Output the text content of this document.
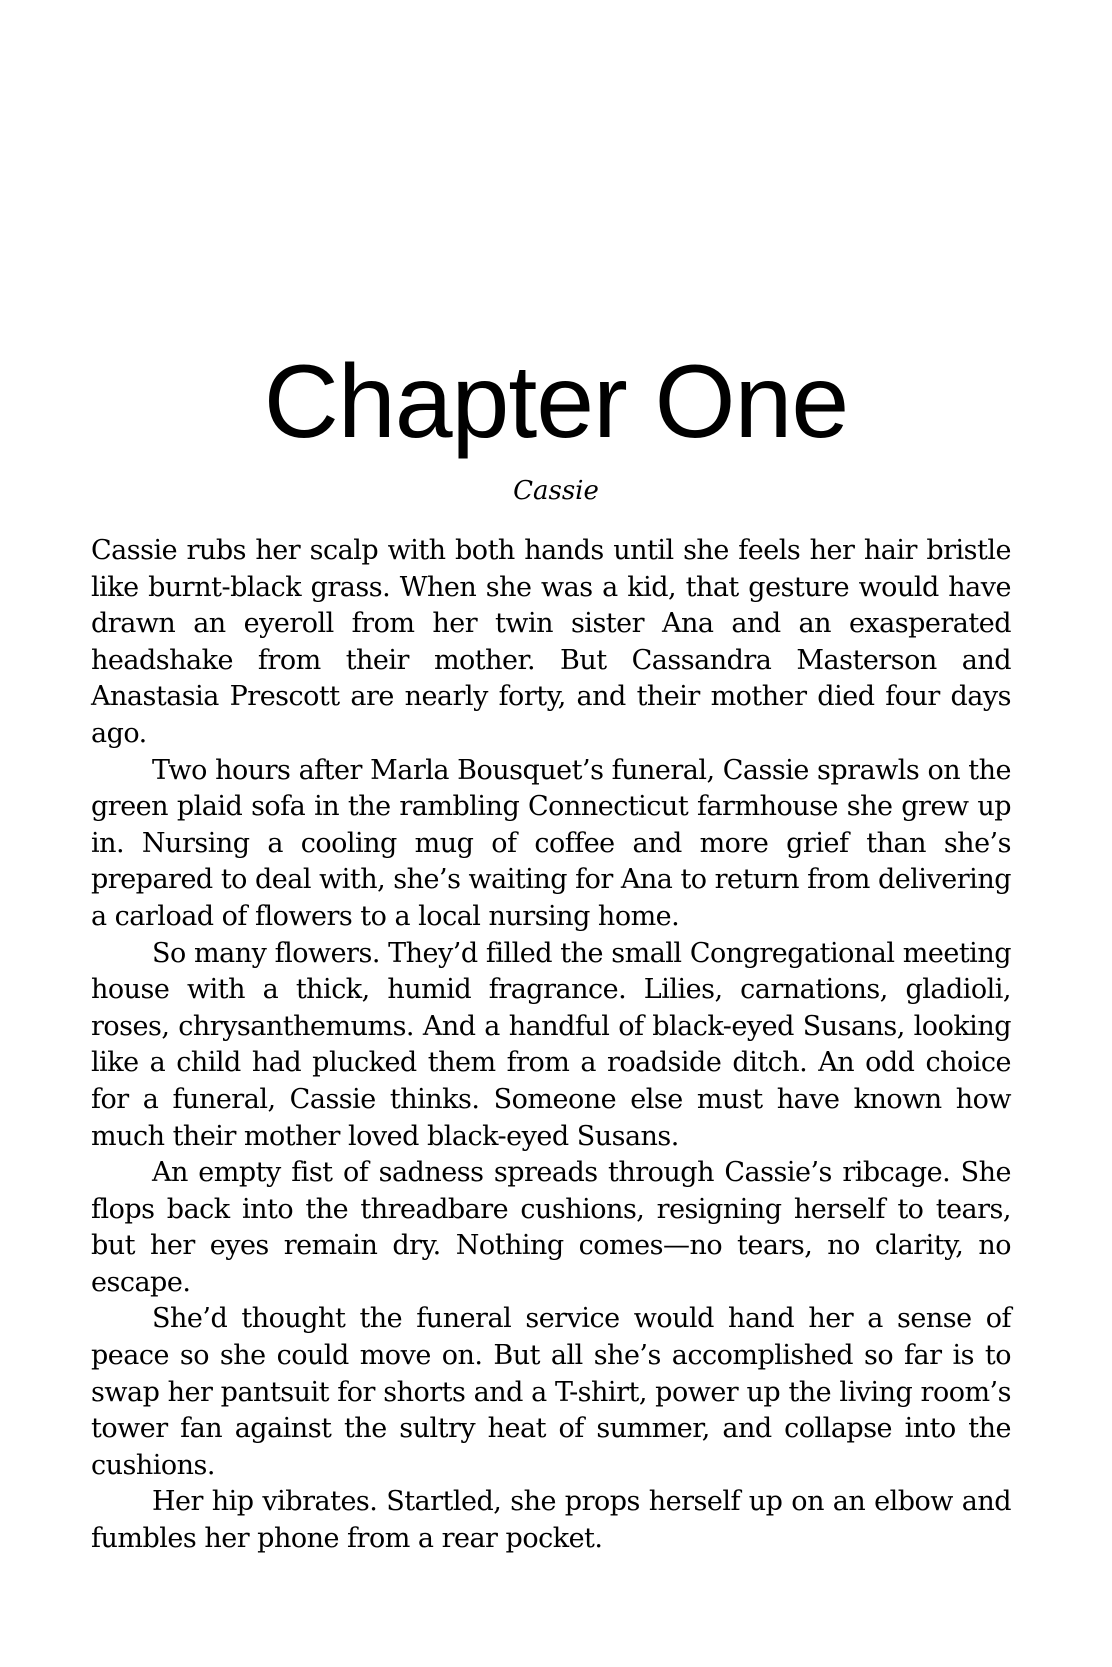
Chapter One

Cassie

Cassie rubs her scalp with both hands until she feels her hair bristle like burnt-black grass. When she was a kid, that gesture would have drawn an eyeroll from her twin sister Ana and an exasperated headshake from their mother. But Cassandra Masterson and Anastasia Prescott are nearly forty, and their mother died four days ago.

Two hours after Marla Bousquet’s funeral, Cassie sprawls on the green plaid sofa in the rambling Connecticut farmhouse she grew up in. Nursing a cooling mug of coffee and more grief than she’s prepared to deal with, she’s waiting for Ana to return from delivering a carload of flowers to a local nursing home.

So many flowers. They’d filled the small Congregational meeting house with a thick, humid fragrance. Lilies, carnations, gladioli, roses, chrysanthemums. And a handful of black-eyed Susans, looking like a child had plucked them from a roadside ditch. An odd choice for a funeral, Cassie thinks. Someone else must have known how much their mother loved black-eyed Susans.

An empty fist of sadness spreads through Cassie’s ribcage. She flops back into the threadbare cushions, resigning herself to tears, but her eyes remain dry. Nothing comes—no tears, no clarity, no escape.

She’d thought the funeral service would hand her a sense of peace so she could move on. But all she’s accomplished so far is to swap her pantsuit for shorts and a T-shirt, power up the living room’s tower fan against the sultry heat of summer, and collapse into the cushions.

Her hip vibrates. Startled, she props herself up on an elbow and fumbles her phone from a rear pocket.
